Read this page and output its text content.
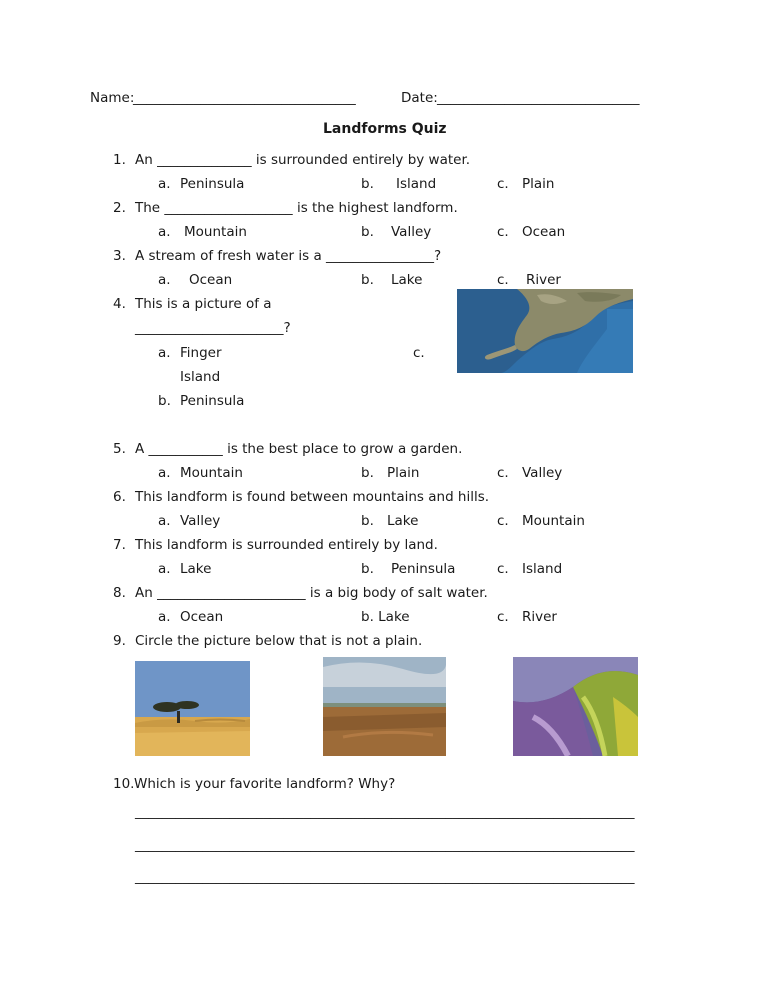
Name:
_________________________________	Date: ______________________________
Landforms Quiz
1. An ______________ is surrounded entirely by water.
a. Peninsula	b. Island	c. Plain
2. The ___________________ is the highest landform.
a. Mountain	b. Valley	c. Ocean
3. A stream of fresh water is a ________________?
a. Ocean	b. Lake	c. River
4. This is a picture of a
______________________?
a. Finger
Island
b. Peninsula
c.
5. A ___________ is the best place to grow a garden.
a. Mountain	b. Plain	c. Valley
6. This landform is found between mountains and hills.
a. Valley	b. Lake	c. Mountain
7. This landform is surrounded entirely by land.
a. Lake	b. Peninsula	c. Island
8. An ______________________ is a big body of salt water.
a. Ocean	b. Lake	c. River
9. Circle the picture below that is not a plain.
10. Which is your favorite landform? Why?
__________________________________________________________________________
__________________________________________________________________________
__________________________________________________________________________
